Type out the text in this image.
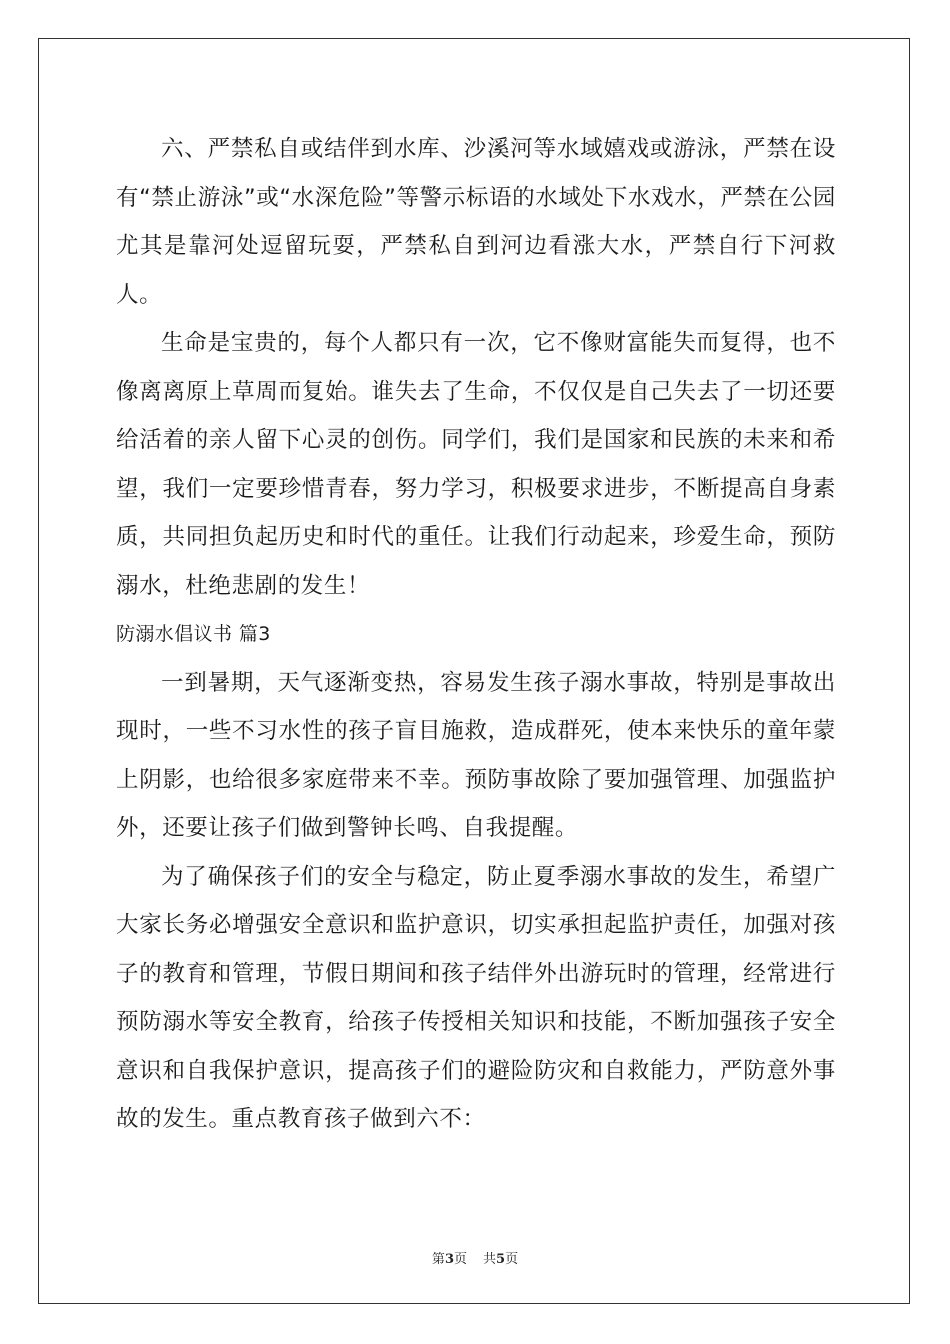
六、严禁私自或结伴到水库、沙溪河等水域嬉戏或游泳，严禁在设有“禁止游泳”或“水深危险”等警示标语的水域处下水戏水，严禁在公园尤其是靠河处逗留玩耍，严禁私自到河边看涨大水，严禁自行下河救人。

生命是宝贵的，每个人都只有一次，它不像财富能失而复得，也不像离离原上草周而复始。谁失去了生命，不仅仅是自己失去了一切还要给活着的亲人留下心灵的创伤。同学们，我们是国家和民族的未来和希望，我们一定要珍惜青春，努力学习，积极要求进步，不断提高自身素质，共同担负起历史和时代的重任。让我们行动起来，珍爱生命，预防溺水，杜绝悲剧的发生！

防溺水倡议书 篇3

一到暑期，天气逐渐变热，容易发生孩子溺水事故，特别是事故出现时，一些不习水性的孩子盲目施救，造成群死，使本来快乐的童年蒙上阴影，也给很多家庭带来不幸。预防事故除了要加强管理、加强监护外，还要让孩子们做到警钟长鸣、自我提醒。

为了确保孩子们的安全与稳定，防止夏季溺水事故的发生，希望广大家长务必增强安全意识和监护意识，切实承担起监护责任，加强对孩子的教育和管理，节假日期间和孩子结伴外出游玩时的管理，经常进行预防溺水等安全教育，给孩子传授相关知识和技能，不断加强孩子安全意识和自我保护意识，提高孩子们的避险防灾和自救能力，严防意外事故的发生。重点教育孩子做到六不：

第3页 共5页
